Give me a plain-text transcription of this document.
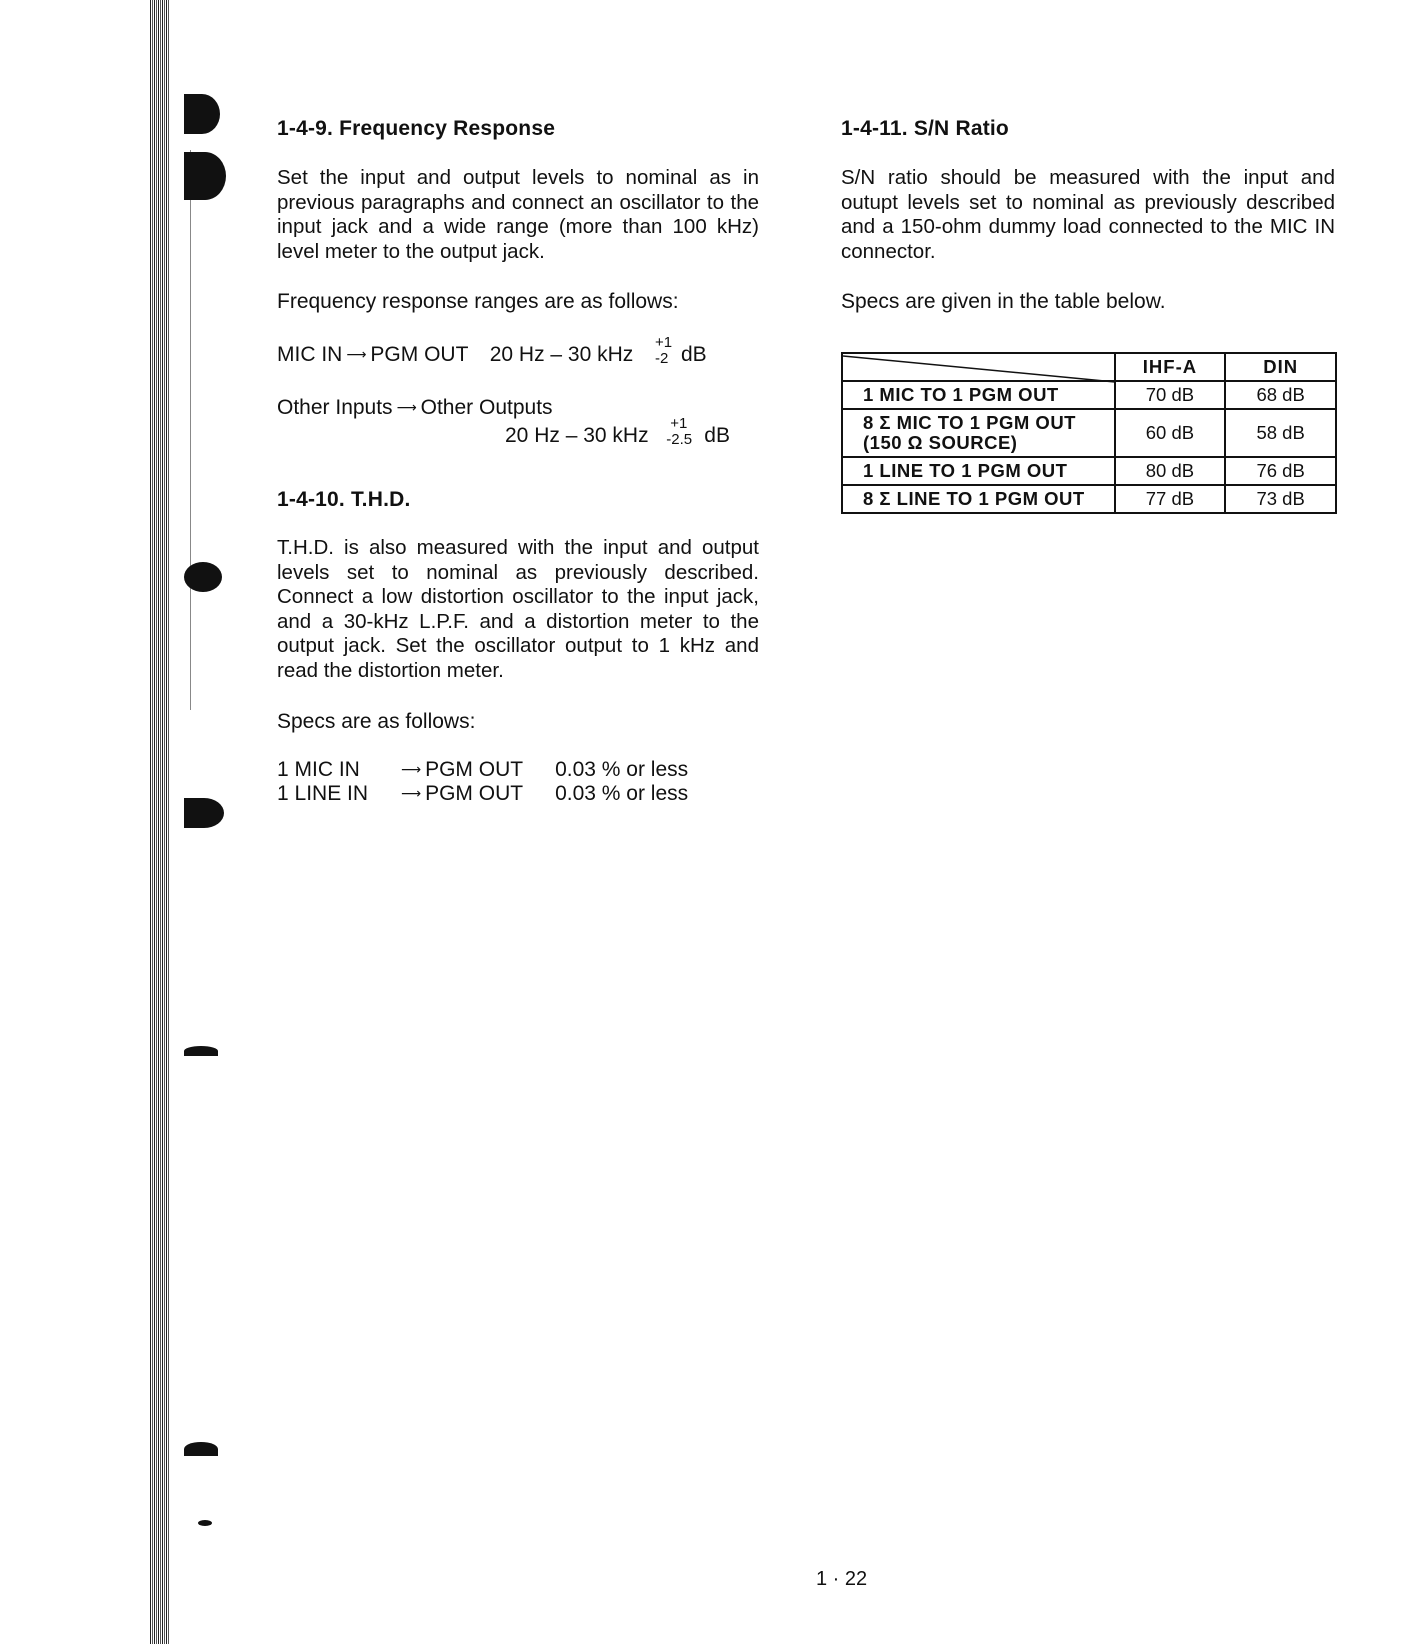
1-4-9. Frequency Response
Set the input and output levels to nominal as in previous paragraphs and connect an oscillator to the input jack and a wide range (more than 100 kHz) level meter to the output jack.
Frequency response ranges are as follows:
MIC IN ⟶ PGM OUT 20 Hz – 30 kHz
+1
-2 dB
Other Inputs ⟶ Other Outputs
20 Hz – 30 kHz
+1
-2.5 dB
1-4-10. T.H.D.
T.H.D. is also measured with the input and output levels set to nominal as previously described. Connect a low distortion oscillator to the input jack, and a 30-kHz L.P.F. and a distortion meter to the output jack. Set the oscillator output to 1 kHz and read the distortion meter.
Specs are as follows:
1 MIC IN	⟶ PGM OUT 0.03 % or less
1 LINE IN ⟶ PGM OUT 0.03 % or less
1-4-11. S/N Ratio
S/N ratio should be measured with the input and outupt levels set to nominal as previously described and a 150-ohm dummy load connected to the MIC IN connector.
Specs are given in the table below.
	IHF-A	DIN
1 MIC TO 1 PGM OUT	70 dB	68 dB

8 Σ MIC TO 1 PGM OUT
(150 Ω SOURCE)	60 dB	58 dB
1 LINE TO 1 PGM OUT	80 dB	76 dB
8 Σ LINE TO 1 PGM OUT	77 dB	73 dB
1 · 22
